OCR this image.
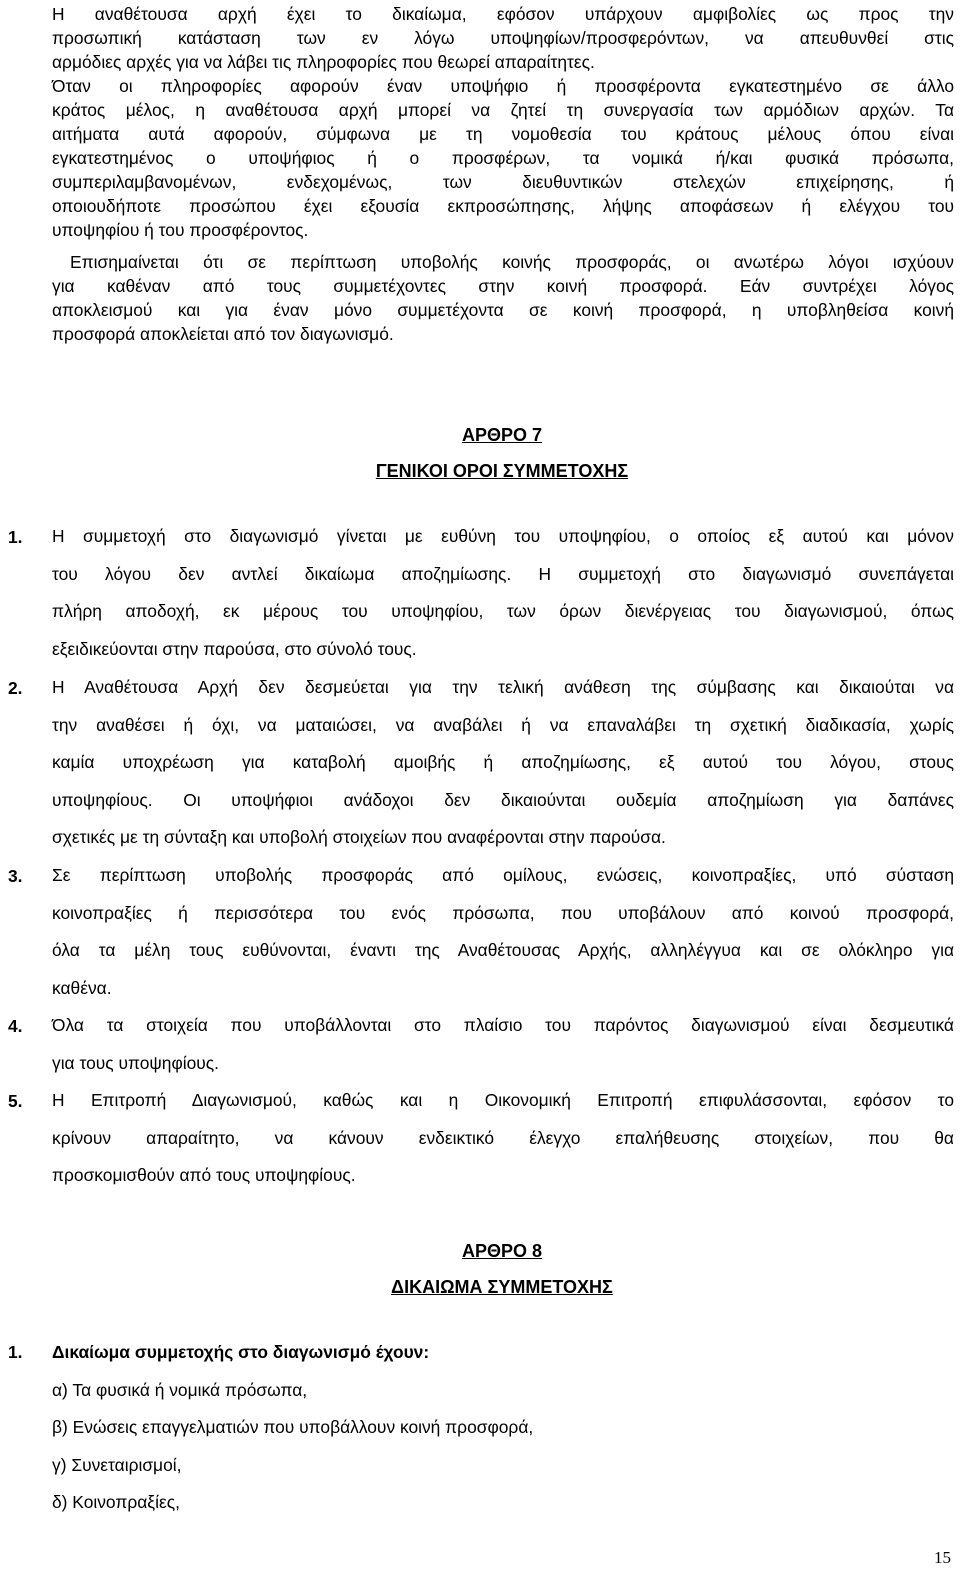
Η αναθέτουσα αρχή έχει το δικαίωμα, εφόσον υπάρχουν αμφιβολίες ως προς την

προσωπική κατάσταση των εν λόγω υποψηφίων/προσφερόντων, να απευθυνθεί στις

αρμόδιες αρχές για να λάβει τις πληροφορίες που θεωρεί απαραίτητες.

Όταν οι πληροφορίες αφορούν έναν υποψήφιο ή προσφέροντα εγκατεστημένο σε άλλο

κράτος μέλος, η αναθέτουσα αρχή μπορεί να ζητεί τη συνεργασία των αρμόδιων αρχών. Τα

αιτήματα αυτά αφορούν, σύμφωνα με τη νομοθεσία του κράτους μέλους όπου είναι

εγκατεστημένος ο υποψήφιος ή ο προσφέρων, τα νομικά ή/και φυσικά πρόσωπα,

συμπεριλαμβανομένων, ενδεχομένως, των διευθυντικών στελεχών επιχείρησης, ή

οποιουδήποτε προσώπου έχει εξουσία εκπροσώπησης, λήψης αποφάσεων ή ελέγχου του

υποψηφίου ή του προσφέροντος.

Επισημαίνεται ότι σε περίπτωση υποβολής κοινής προσφοράς, οι ανωτέρω λόγοι ισχύουν

για καθέναν από τους συμμετέχοντες στην κοινή προσφορά. Εάν συντρέχει λόγος

αποκλεισμού και για έναν μόνο συμμετέχοντα σε κοινή προσφορά, η υποβληθείσα κοινή

προσφορά αποκλείεται από τον διαγωνισμό.

ΑΡΘΡΟ 7
ΓΕΝΙΚΟΙ ΟΡΟΙ ΣΥΜΜΕΤΟΧΗΣ
1. Η συμμετοχή στο διαγωνισμό γίνεται με ευθύνη του υποψηφίου, ο οποίος εξ αυτού και μόνον
του λόγου δεν αντλεί δικαίωμα αποζημίωσης. Η συμμετοχή στο διαγωνισμό συνεπάγεται
πλήρη αποδοχή, εκ μέρους του υποψηφίου, των όρων διενέργειας του διαγωνισμού, όπως
εξειδικεύονται στην παρούσα, στο σύνολό τους.
2. Η Αναθέτουσα Αρχή δεν δεσμεύεται για την τελική ανάθεση της σύμβασης και δικαιούται να
την αναθέσει ή όχι, να ματαιώσει, να αναβάλει ή να επαναλάβει τη σχετική διαδικασία, χωρίς
καμία υποχρέωση για καταβολή αμοιβής ή αποζημίωσης, εξ αυτού του λόγου, στους
υποψηφίους. Οι υποψήφιοι ανάδοχοι δεν δικαιούνται ουδεμία αποζημίωση για δαπάνες
σχετικές με τη σύνταξη και υποβολή στοιχείων που αναφέρονται στην παρούσα.
3. Σε περίπτωση υποβολής προσφοράς από ομίλους, ενώσεις, κοινοπραξίες, υπό σύσταση
κοινοπραξίες ή περισσότερα του ενός πρόσωπα, που υποβάλουν από κοινού προσφορά,
όλα τα μέλη τους ευθύνονται, έναντι της Αναθέτουσας Αρχής, αλληλέγγυα και σε ολόκληρο για
καθένα.
4. Όλα τα στοιχεία που υποβάλλονται στο πλαίσιο του παρόντος διαγωνισμού είναι δεσμευτικά
για τους υποψηφίους.
5. Η Επιτροπή Διαγωνισμού, καθώς και η Οικονομική Επιτροπή επιφυλάσσονται, εφόσον το
κρίνουν απαραίτητο, να κάνουν ενδεικτικό έλεγχο επαλήθευσης στοιχείων, που θα
προσκομισθούν από τους υποψηφίους.
ΑΡΘΡΟ 8
ΔΙΚΑΙΩΜΑ ΣΥΜΜΕΤΟΧΗΣ
1. Δικαίωμα συμμετοχής στο διαγωνισμό έχουν:
α) Τα φυσικά ή νομικά πρόσωπα,
β) Ενώσεις επαγγελματιών που υποβάλλουν κοινή προσφορά,
γ) Συνεταιρισμοί,
δ) Κοινοπραξίες,
15
